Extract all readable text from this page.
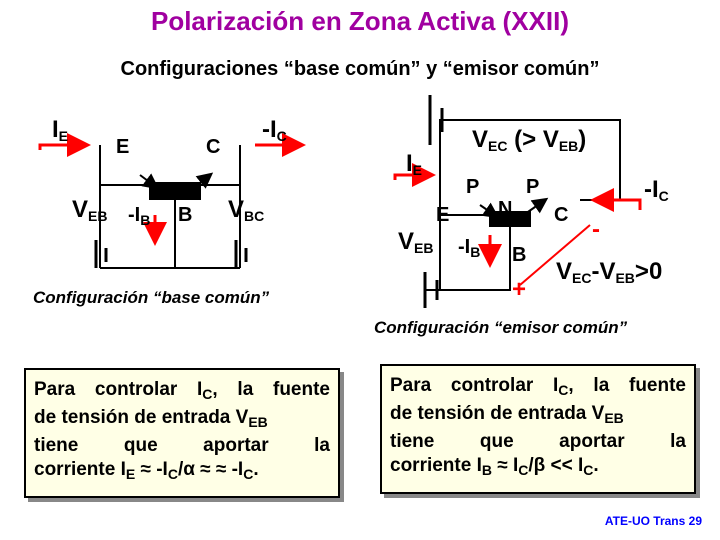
Polarización en Zona Activa (XXII)
Configuraciones “base común” y “emisor común”
$I_E$ E	C
$-I_C$
$V_{EB}$ $-I_B$ B $V_{BC}$
Configuración “base común”
$I_E$
$V_{EC}$ (> $V_{EB}$)
P P
N
E	C
$-I_C$
$V_{EB}$ $-I_B$ B
-
+
$V_{EC}-V_{EB}>0$
Configuración “emisor común”

Para controlar $I_C$, la fuente

de tensión de entrada $V_{EB}$

tiene que aportar la

corriente $I_E \approx -I_C/\alpha$ ≈ ≈ $-I_C$.

Para controlar $I_C$, la fuente

de tensión de entrada $V_{EB}$

tiene que aportar la

corriente $I_B \approx I_C/\beta << I_C$.

ATE-UO Trans 29
